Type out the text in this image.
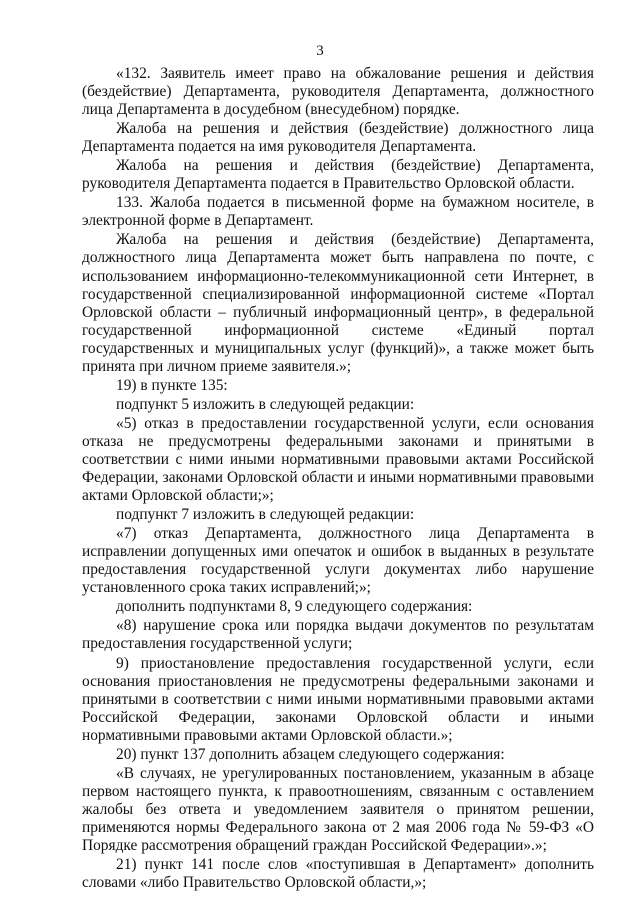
3

«132. Заявитель имеет право на обжалование решения и действия (бездействие) Департамента, руководителя Департамента, должностного лица Департамента в досудебном (внесудебном) порядке.

Жалоба на решения и действия (бездействие) должностного лица Департамента подается на имя руководителя Департамента.

Жалоба на решения и действия (бездействие) Департамента, руководителя Департамента подается в Правительство Орловской области.

133. Жалоба подается в письменной форме на бумажном носителе, в электронной форме в Департамент.

Жалоба на решения и действия (бездействие) Департамента, должностного лица Департамента может быть направлена по почте, с использованием информационно-телекоммуникационной сети Интернет, в государственной специализированной информационной системе «Портал Орловской области – публичный информационный центр», в федеральной государственной информационной системе «Единый портал государственных и муниципальных услуг (функций)», а также может быть принята при личном приеме заявителя.»;

19) в пункте 135:

подпункт 5 изложить в следующей редакции:

«5) отказ в предоставлении государственной услуги, если основания отказа не предусмотрены федеральными законами и принятыми в соответствии с ними иными нормативными правовыми актами Российской Федерации, законами Орловской области и иными нормативными правовыми актами Орловской области;»;

подпункт 7 изложить в следующей редакции:

«7) отказ Департамента, должностного лица Департамента в исправлении допущенных ими опечаток и ошибок в выданных в результате предоставления государственной услуги документах либо нарушение установленного срока таких исправлений;»;

дополнить подпунктами 8, 9 следующего содержания:

«8) нарушение срока или порядка выдачи документов по результатам предоставления государственной услуги;

9) приостановление предоставления государственной услуги, если основания приостановления не предусмотрены федеральными законами и принятыми в соответствии с ними иными нормативными правовыми актами Российской Федерации, законами Орловской области и иными нормативными правовыми актами Орловской области.»;

20) пункт 137 дополнить абзацем следующего содержания:

«В случаях, не урегулированных постановлением, указанным в абзаце первом настоящего пункта, к правоотношениям, связанным с оставлением жалобы без ответа и уведомлением заявителя о принятом решении, применяются нормы Федерального закона от 2 мая 2006 года № 59-ФЗ «О Порядке рассмотрения обращений граждан Российской Федерации».»;

21) пункт 141 после слов «поступившая в Департамент» дополнить словами «либо Правительство Орловской области,»;
